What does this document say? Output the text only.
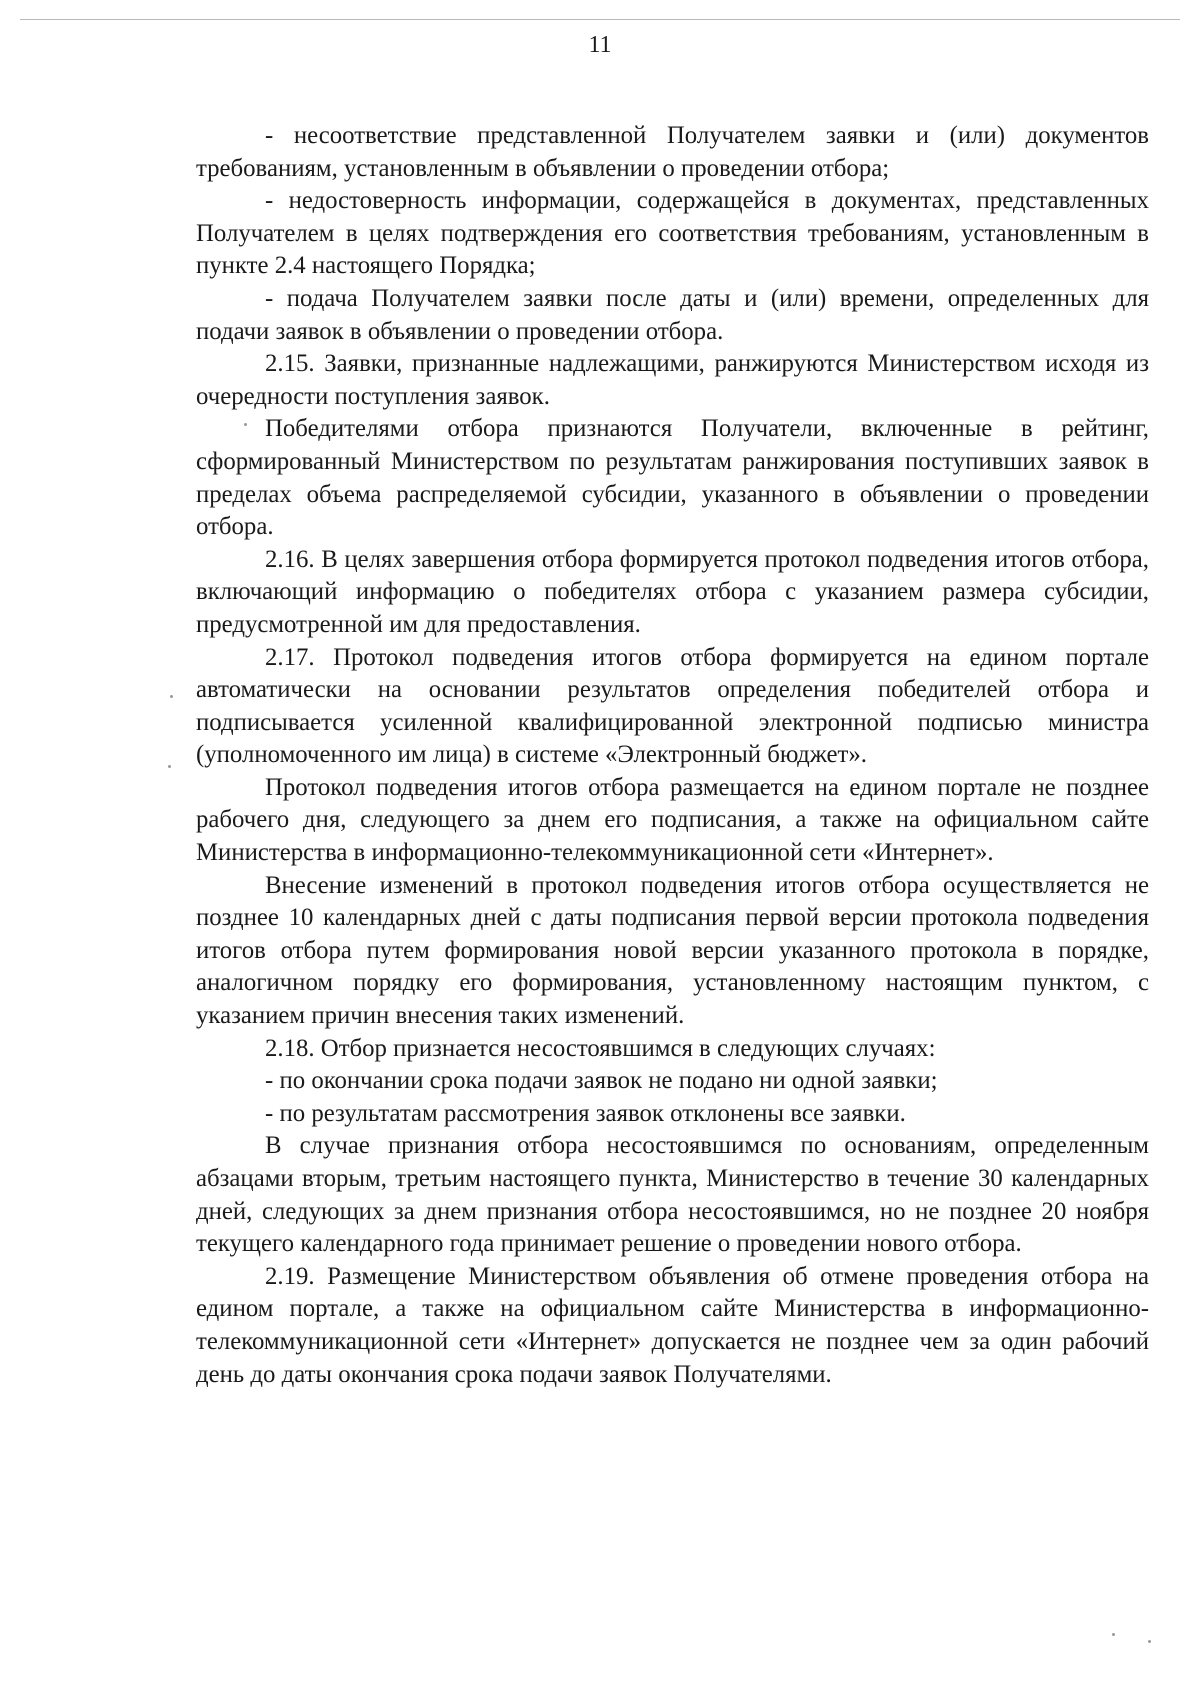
11

- несоответствие представленной Получателем заявки и (или) документов требованиям, установленным в объявлении о проведении отбора;

- недостоверность информации, содержащейся в документах, представленных Получателем в целях подтверждения его соответствия требованиям, установленным в пункте 2.4 настоящего Порядка;

- подача Получателем заявки после даты и (или) времени, определенных для подачи заявок в объявлении о проведении отбора.

2.15. Заявки, признанные надлежащими, ранжируются Министерством исходя из очередности поступления заявок.

Победителями отбора признаются Получатели, включенные в рейтинг, сформированный Министерством по результатам ранжирования поступивших заявок в пределах объема распределяемой субсидии, указанного в объявлении о проведении отбора.

2.16. В целях завершения отбора формируется протокол подведения итогов отбора, включающий информацию о победителях отбора с указанием размера субсидии, предусмотренной им для предоставления.

2.17. Протокол подведения итогов отбора формируется на едином портале автоматически на основании результатов определения победителей отбора и подписывается усиленной квалифицированной электронной подписью министра (уполномоченного им лица) в системе «Электронный бюджет».

Протокол подведения итогов отбора размещается на едином портале не позднее рабочего дня, следующего за днем его подписания, а также на официальном сайте Министерства в информационно-телекоммуникационной сети «Интернет».

Внесение изменений в протокол подведения итогов отбора осуществляется не позднее 10 календарных дней с даты подписания первой версии протокола подведения итогов отбора путем формирования новой версии указанного протокола в порядке, аналогичном порядку его формирования, установленному настоящим пунктом, с указанием причин внесения таких изменений.

2.18. Отбор признается несостоявшимся в следующих случаях:

- по окончании срока подачи заявок не подано ни одной заявки;

- по результатам рассмотрения заявок отклонены все заявки.

В случае признания отбора несостоявшимся по основаниям, определенным абзацами вторым, третьим настоящего пункта, Министерство в течение 30 календарных дней, следующих за днем признания отбора несостоявшимся, но не позднее 20 ноября текущего календарного года принимает решение о проведении нового отбора.

2.19. Размещение Министерством объявления об отмене проведения отбора на едином портале, а также на официальном сайте Министерства в информационно-телекоммуникационной сети «Интернет» допускается не позднее чем за один рабочий день до даты окончания срока подачи заявок Получателями.
